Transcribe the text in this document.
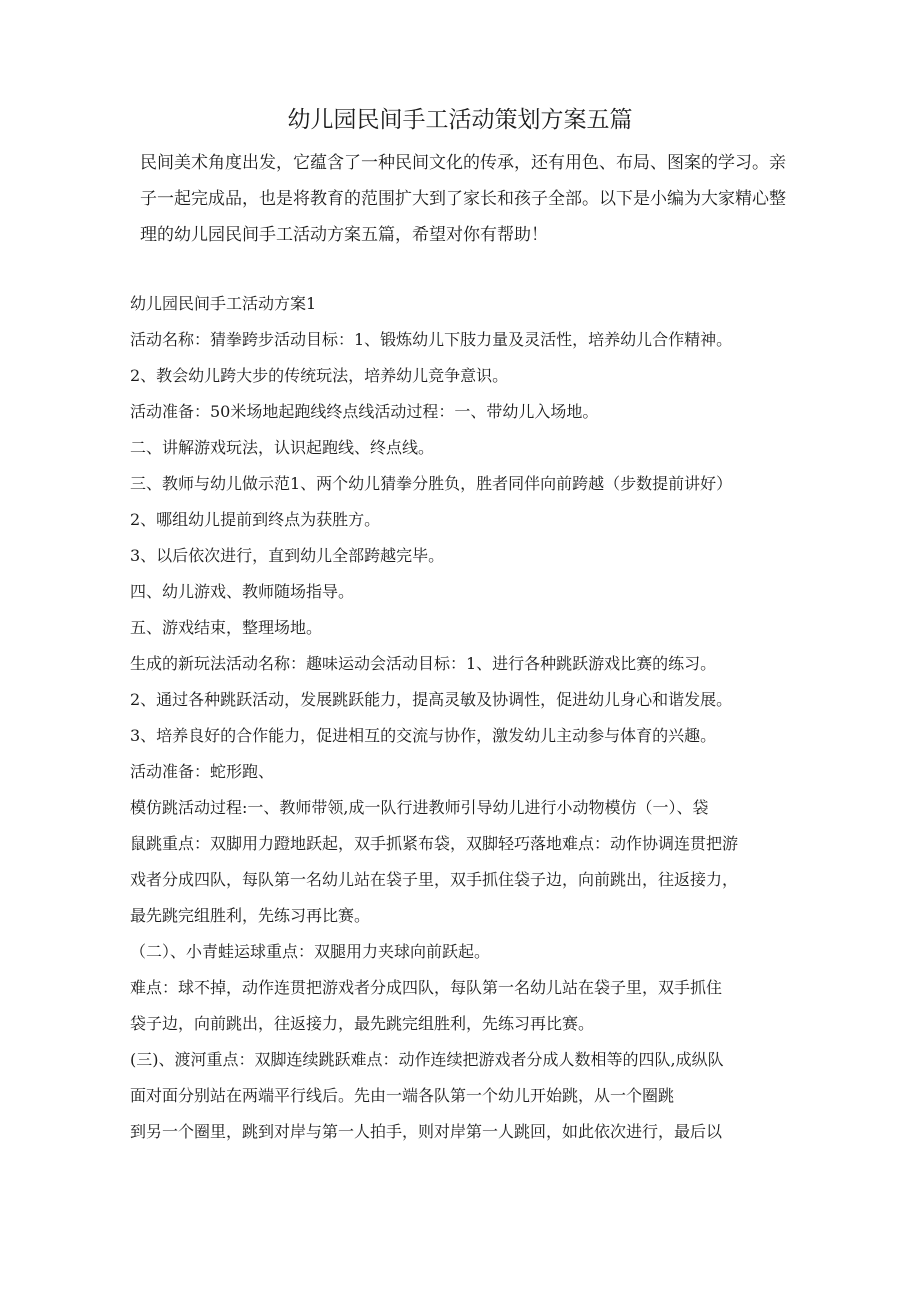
幼儿园民间手工活动策划方案五篇

民间美术角度出发，它蕴含了一种民间文化的传承，还有用色、布局、图案的学习。亲

子一起完成品，也是将教育的范围扩大到了家长和孩子全部。以下是小编为大家精心整

理的幼儿园民间手工活动方案五篇，希望对你有帮助！

幼儿园民间手工活动方案1

活动名称：猜拳跨步活动目标：1、锻炼幼儿下肢力量及灵活性，培养幼儿合作精神。

2、教会幼儿跨大步的传统玩法，培养幼儿竞争意识。

活动准备：50米场地起跑线终点线活动过程：一、带幼儿入场地。

二、讲解游戏玩法，认识起跑线、终点线。

三、教师与幼儿做示范1、两个幼儿猜拳分胜负，胜者同伴向前跨越（步数提前讲好）

2、哪组幼儿提前到终点为获胜方。

3、以后依次进行，直到幼儿全部跨越完毕。

四、幼儿游戏、教师随场指导。

五、游戏结束，整理场地。

生成的新玩法活动名称：趣味运动会活动目标：1、进行各种跳跃游戏比赛的练习。

2、通过各种跳跃活动，发展跳跃能力，提高灵敏及协调性，促进幼儿身心和谐发展。

3、培养良好的合作能力，促进相互的交流与协作，激发幼儿主动参与体育的兴趣。

活动准备：蛇形跑、

模仿跳活动过程:一、教师带领,成一队行进教师引导幼儿进行小动物模仿（一）、袋

鼠跳重点：双脚用力蹬地跃起，双手抓紧布袋，双脚轻巧落地难点：动作协调连贯把游

戏者分成四队，每队第一名幼儿站在袋子里，双手抓住袋子边，向前跳出，往返接力，

最先跳完组胜利，先练习再比赛。

（二）、小青蛙运球重点：双腿用力夹球向前跃起。

难点：球不掉，动作连贯把游戏者分成四队，每队第一名幼儿站在袋子里，双手抓住

袋子边，向前跳出，往返接力，最先跳完组胜利，先练习再比赛。

(三)、渡河重点：双脚连续跳跃难点：动作连续把游戏者分成人数相等的四队,成纵队

面对面分别站在两端平行线后。先由一端各队第一个幼儿开始跳，从一个圈跳

到另一个圈里，跳到对岸与第一人拍手，则对岸第一人跳回，如此依次进行，最后以
